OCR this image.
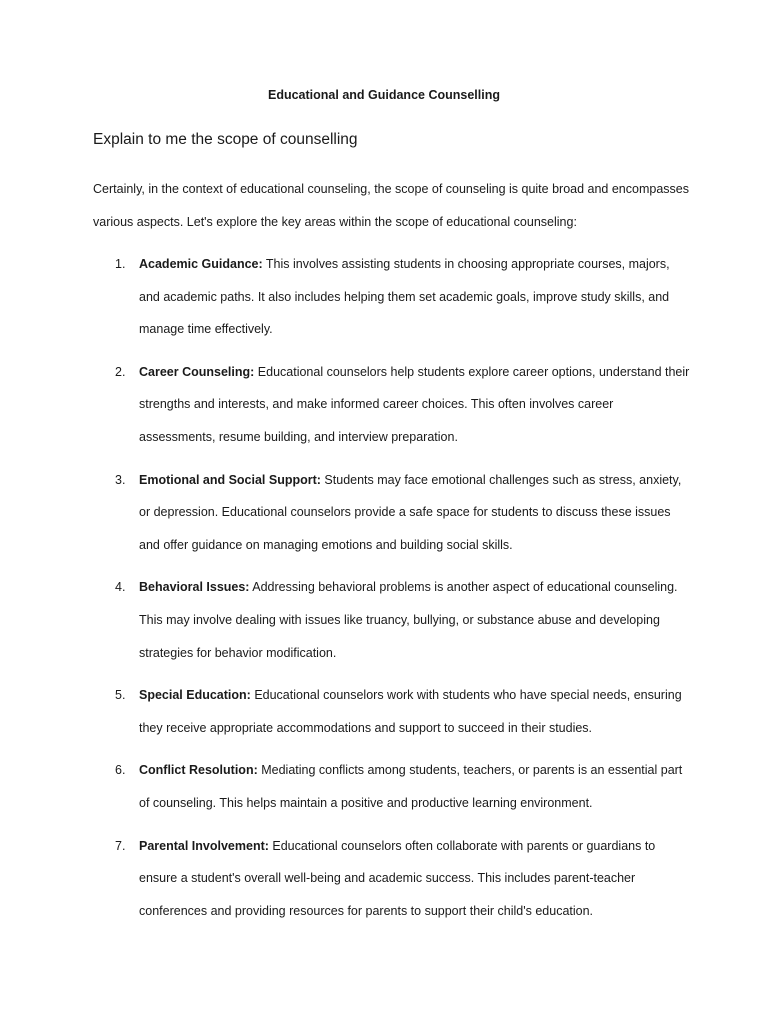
Educational and Guidance Counselling
Explain to me the scope of counselling

Certainly, in the context of educational counseling, the scope of counseling is quite broad and encompasses various aspects. Let's explore the key areas within the scope of educational counseling:

1. Academic Guidance: This involves assisting students in choosing appropriate courses, majors, and academic paths. It also includes helping them set academic goals, improve study skills, and manage time effectively.
2. Career Counseling: Educational counselors help students explore career options, understand their strengths and interests, and make informed career choices. This often involves career assessments, resume building, and interview preparation.
3. Emotional and Social Support: Students may face emotional challenges such as stress, anxiety, or depression. Educational counselors provide a safe space for students to discuss these issues and offer guidance on managing emotions and building social skills.
4. Behavioral Issues: Addressing behavioral problems is another aspect of educational counseling. This may involve dealing with issues like truancy, bullying, or substance abuse and developing strategies for behavior modification.
5. Special Education: Educational counselors work with students who have special needs, ensuring they receive appropriate accommodations and support to succeed in their studies.
6. Conflict Resolution: Mediating conflicts among students, teachers, or parents is an essential part of counseling. This helps maintain a positive and productive learning environment.
7. Parental Involvement: Educational counselors often collaborate with parents or guardians to ensure a student's overall well-being and academic success. This includes parent-teacher conferences and providing resources for parents to support their child's education.
